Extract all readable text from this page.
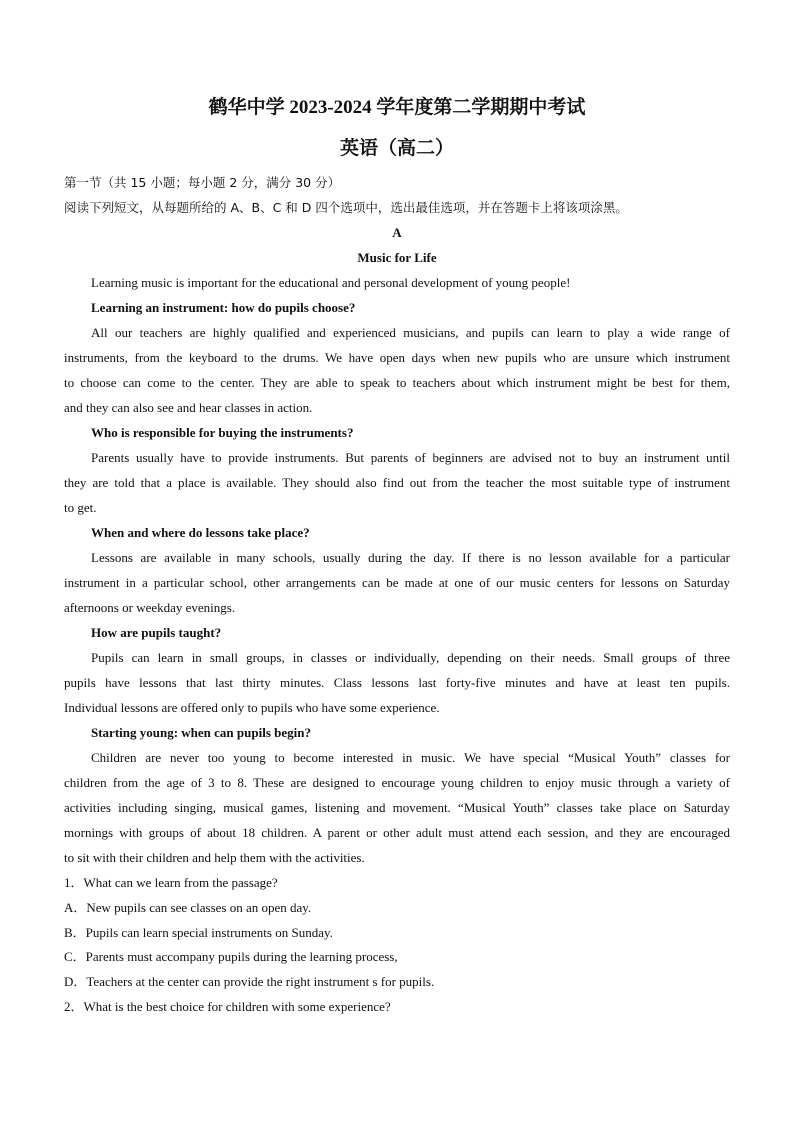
鹤华中学 2023-2024 学年度第二学期期中考试
英语（高二）
第一节（共 15 小题；每小题 2 分，满分 30 分）
阅读下列短文，从每题所给的 A、B、C 和 D 四个选项中，选出最佳选项，并在答题卡上将该项涂黑。
A
Music for Life
Learning music is important for the educational and personal development of young people!
Learning an instrument: how do pupils choose?
All our teachers are highly qualified and experienced musicians, and pupils can learn to play a wide range of
instruments, from the keyboard to the drums. We have open days when new pupils who are unsure which instrument
to choose can come to the center. They are able to speak to teachers about which instrument might be best for them,
and they can also see and hear classes in action.
Who is responsible for buying the instruments?
Parents usually have to provide instruments. But parents of beginners are advised not to buy an instrument until
they are told that a place is available. They should also find out from the teacher the most suitable type of instrument
to get.
When and where do lessons take place?
Lessons are available in many schools, usually during the day. If there is no lesson available for a particular
instrument in a particular school, other arrangements can be made at one of our music centers for lessons on Saturday
afternoons or weekday evenings.
How are pupils taught?
Pupils can learn in small groups, in classes or individually, depending on their needs. Small groups of three
pupils have lessons that last thirty minutes. Class lessons last forty-five minutes and have at least ten pupils.
Individual lessons are offered only to pupils who have some experience.
Starting young: when can pupils begin?
Children are never too young to become interested in music. We have special “Musical Youth” classes for
children from the age of 3 to 8. These are designed to encourage young children to enjoy music through a variety of
activities including singing, musical games, listening and movement. “Musical Youth” classes take place on Saturday
mornings with groups of about 18 children. A parent or other adult must attend each session, and they are encouraged
to sit with their children and help them with the activities.
1．What can we learn from the passage?
A．New pupils can see classes on an open day.
B．Pupils can learn special instruments on Sunday.
C．Parents must accompany pupils during the learning process,
D．Teachers at the center can provide the right instrument s for pupils.
2．What is the best choice for children with some experience?
